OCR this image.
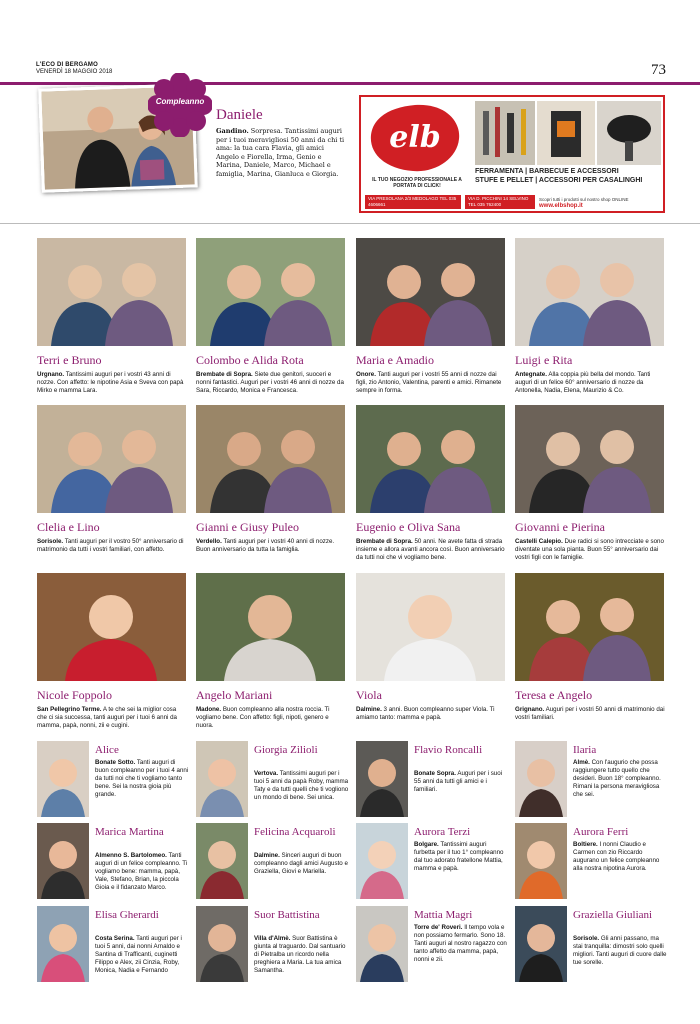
L'ECO DI BERGAMO
VENERDÌ 18 MAGGIO 2018	73
Compleanno
Daniele
Gandino. Sorpresa. Tantissimi auguri per i tuoi meravigliosi 50 anni da chi ti ama: la tua cara Flavia, gli amici Angelo e Fiorella, Irma, Genio e Marina, Daniele, Marco, Michael e famiglia, Marina, Gianluca e Giorgia.
elb
IL TUO NEGOZIO PROFESSIONALE A PORTATA DI CLICK!
VIA PRESOLANA 2/3 MEDOLAGO TEL 035 4606661
VIA D. PICCHINI 14 SELVINO TEL 035 762400
FERRAMENTA | BARBECUE E ACCESSORI
STUFE E PELLET | ACCESSORI PER CASALINGHI
Scopri tutti i prodotti sul nostro shop ONLINE www.elbshop.it
Terri e Bruno
Urgnano. Tantissimi auguri per i vostri 43 anni di nozze. Con affetto: le nipotine Asia e Sveva con papà Mirko e mamma Lara.
Colombo e Alida Rota
Brembate di Sopra. Siete due genitori, suoceri e nonni fantastici. Auguri per i vostri 46 anni di nozze da Sara, Riccardo, Monica e Francesca.
Maria e Amadio
Onore. Tanti auguri per i vostri 55 anni di nozze dai figli, zio Antonio, Valentina, parenti e amici. Rimanete sempre in forma.
Luigi e Rita
Antegnate. Alla coppia più bella del mondo. Tanti auguri di un felice 60° anniversario di nozze da Antonella, Nadia, Elena, Maurizio & Co.
Clelia e Lino
Sorisole. Tanti auguri per il vostro 50° anniversario di matrimonio da tutti i vostri familiari, con affetto.
Gianni e Giusy Puleo
Verdello. Tanti auguri per i vostri 40 anni di nozze. Buon anniversario da tutta la famiglia.
Eugenio e Oliva Sana
Brembate di Sopra. 50 anni. Ne avete fatta di strada insieme e allora avanti ancora così. Buon anniversario da tutti noi che vi vogliamo bene.
Giovanni e Pierina
Castelli Calepio. Due radici si sono intrecciate e sono diventate una sola pianta. Buon 55° anniversario dai vostri figli con le famiglie.
Nicole Foppolo
San Pellegrino Terme. A te che sei la miglior cosa che ci sia successa, tanti auguri per i tuoi 6 anni da mamma, papà, nonni, zii e cugini.
Angelo Mariani
Madone. Buon compleanno alla nostra roccia. Ti vogliamo bene. Con affetto: figli, nipoti, genero e nuora.
Viola
Dalmine. 3 anni. Buon compleanno super Viola. Ti amiamo tanto: mamma e papà.
Teresa e Angelo
Grignano. Auguri per i vostri 50 anni di matrimonio dai vostri familiari.
Alice
Bonate Sotto. Tanti auguri di buon compleanno per i tuoi 4 anni da tutti noi che ti vogliamo tanto bene. Sei la nostra gioia più grande.
Giorgia Zilioli
Vertova. Tantissimi auguri per i tuoi 5 anni da papà Roby, mamma Taty e da tutti quelli che ti vogliono un mondo di bene. Sei unica.
Flavio Roncalli
Bonate Sopra. Auguri per i suoi 55 anni da tutti gli amici e i familiari.
Ilaria
Almè. Con l'augurio che possa raggiungere tutto quello che desideri. Buon 18° compleanno. Rimani la persona meravigliosa che sei.
Marica Martina
Almenno S. Bartolomeo. Tanti auguri di un felice compleanno. Ti vogliamo bene: mamma, papà, Vale, Stefano, Brian, la piccola Gioia e il fidanzato Marco.
Felicina Acquaroli
Dalmine. Sinceri auguri di buon compleanno dagli amici Augusto e Graziella, Giovi e Mariella.
Aurora Terzi
Bolgare. Tantissimi auguri furbetta per il tuo 1° compleanno dal tuo adorato fratellone Mattia, mamma e papà.
Aurora Ferri
Boltiere. I nonni Claudio e Carmen con zio Riccardo augurano un felice compleanno alla nostra nipotina Aurora.
Elisa Gherardi
Costa Serina. Tanti auguri per i tuoi 5 anni, dai nonni Arnaldo e Santina di Trafficanti, cuginetti Filippo e Alex, zii Cinzia, Roby, Monica, Nadia e Fernando
Suor Battistina
Villa d'Almè. Suor Battistina è giunta al traguardo. Dal santuario di Pietralba un ricordo nella preghiera a Maria. La tua amica Samantha.
Mattia Magri
Torre de' Roveri. Il tempo vola e non possiamo fermarlo. Sono 18. Tanti auguri al nostro ragazzo con tanto affetto da mamma, papà, nonni e zii.
Graziella Giuliani
Sorisole. Gli anni passano, ma stai tranquilla: dimostri solo quelli migliori. Tanti auguri di cuore dalle tue sorelle.
